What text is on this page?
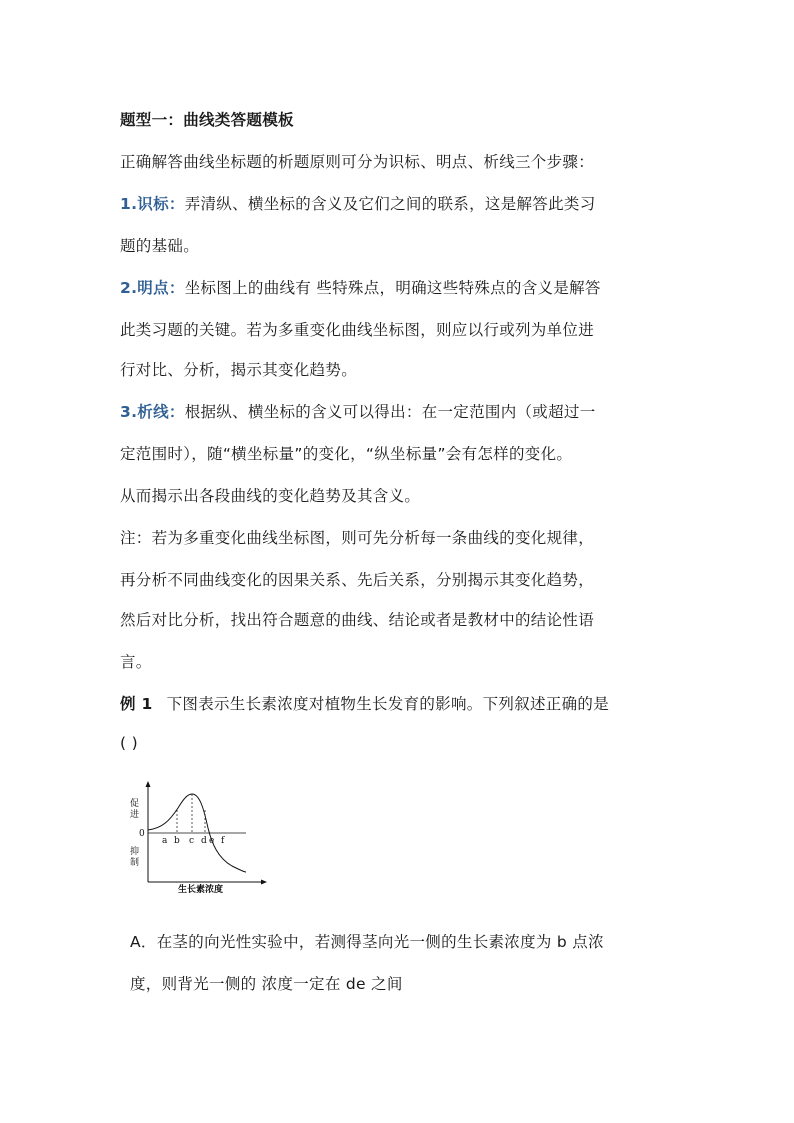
题型一：曲线类答题模板
正确解答曲线坐标题的析题原则可分为识标、明点、析线三个步骤：
1.识标：弄清纵、横坐标的含义及它们之间的联系，这是解答此类习
题的基础。
2.明点：坐标图上的曲线有 些特殊点，明确这些特殊点的含义是解答
此类习题的关键。若为多重变化曲线坐标图，则应以行或列为单位进
行对比、分析，揭示其变化趋势。
3.析线：根据纵、横坐标的含义可以得出：在一定范围内（或超过一
定范围时），随“横坐标量”的变化，“纵坐标量”会有怎样的变化。
从而揭示出各段曲线的变化趋势及其含义。
注：若为多重变化曲线坐标图，则可先分析每一条曲线的变化规律，
再分析不同曲线变化的因果关系、先后关系，分别揭示其变化趋势，
然后对比分析，找出符合题意的曲线、结论或者是教材中的结论性语
言。
例 1 下图表示生长素浓度对植物生长发育的影响。下列叙述正确的是
( )
促
进
0
抑
制
a b c d e f
生长素浓度
A．在茎的向光性实验中，若测得茎向光一侧的生长素浓度为 b 点浓
度，则背光一侧的 浓度一定在 de 之间
